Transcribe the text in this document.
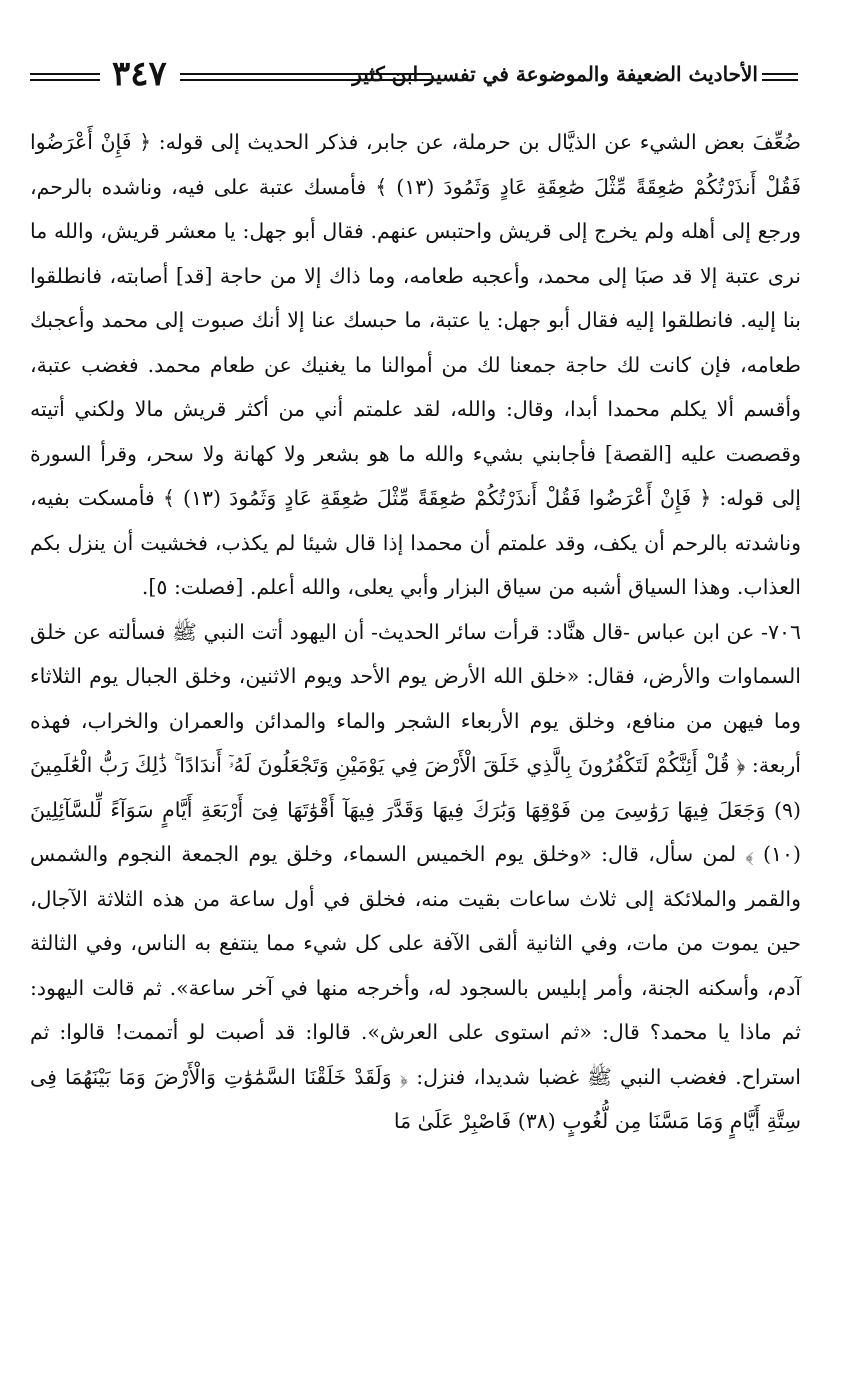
الأحاديث الضعيفة والموضوعة في تفسير ابن كثير
٣٤٧

ضُعِّفَ بعض الشيء عن الذيَّال بن حرملة، عن جابر، فذكر الحديث إلى قوله: ﴿ فَإِنْ أَعْرَضُوا فَقُلْ أَنذَرْتُكُمْ صَٰعِقَةً مِّثْلَ صَٰعِقَةِ عَادٍ وَثَمُودَ (١٣) ﴾ فأمسك عتبة على فيه، وناشده بالرحم، ورجع إلى أهله ولم يخرج إلى قريش واحتبس عنهم. فقال أبو جهل: يا معشر قريش، والله ما نرى عتبة إلا قد صبَا إلى محمد، وأعجبه طعامه، وما ذاك إلا من حاجة [قد] أصابته، فانطلقوا بنا إليه. فانطلقوا إليه فقال أبو جهل: يا عتبة، ما حبسك عنا إلا أنك صبوت إلى محمد وأعجبك طعامه، فإن كانت لك حاجة جمعنا لك من أموالنا ما يغنيك عن طعام محمد. فغضب عتبة، وأقسم ألا يكلم محمدا أبدا، وقال: والله، لقد علمتم أني من أكثر قريش مالا ولكني أتيته وقصصت عليه [القصة] فأجابني بشيء والله ما هو بشعر ولا كهانة ولا سحر، وقرأ السورة إلى قوله: ﴿ فَإِنْ أَعْرَضُوا فَقُلْ أَنذَرْتُكُمْ صَٰعِقَةً مِّثْلَ صَٰعِقَةِ عَادٍ وَثَمُودَ (١٣) ﴾ فأمسكت بفيه، وناشدته بالرحم أن يكف، وقد علمتم أن محمدا إذا قال شيئا لم يكذب، فخشيت أن ينزل بكم العذاب. وهذا السياق أشبه من سياق البزار وأبي يعلى، والله أعلم. [فصلت: ٥].

٧٠٦- عن ابن عباس -قال هنَّاد: قرأت سائر الحديث- أن اليهود أتت النبي ﷺ فسألته عن خلق السماوات والأرض، فقال: «خلق الله الأرض يوم الأحد ويوم الاثنين، وخلق الجبال يوم الثلاثاء وما فيهن من منافع، وخلق يوم الأربعاء الشجر والماء والمدائن والعمران والخراب، فهذه أربعة: ﴿ قُلْ أَئِنَّكُمْ لَتَكْفُرُونَ بِالَّذِي خَلَقَ الْأَرْضَ فِي يَوْمَيْنِ وَتَجْعَلُونَ لَهُۥٓ أَندَادًا ۚ ذَٰلِكَ رَبُّ الْعَٰلَمِينَ (٩) وَجَعَلَ فِيهَا رَوَٰسِىَ مِن فَوْقِهَا وَبَٰرَكَ فِيهَا وَقَدَّرَ فِيهَآ أَقْوَٰتَهَا فِىٓ أَرْبَعَةِ أَيَّامٍ سَوَآءً لِّلسَّآئِلِينَ (١٠) ﴾ لمن سأل، قال: «وخلق يوم الخميس السماء، وخلق يوم الجمعة النجوم والشمس والقمر والملائكة إلى ثلاث ساعات بقيت منه، فخلق في أول ساعة من هذه الثلاثة الآجال، حين يموت من مات، وفي الثانية ألقى الآفة على كل شيء مما ينتفع به الناس، وفي الثالثة آدم، وأسكنه الجنة، وأمر إبليس بالسجود له، وأخرجه منها في آخر ساعة». ثم قالت اليهود: ثم ماذا يا محمد؟ قال: «ثم استوى على العرش». قالوا: قد أصبت لو أتممت! قالوا: ثم استراح. فغضب النبي ﷺ غضبا شديدا، فنزل: ﴿ وَلَقَدْ خَلَقْنَا السَّمَٰوَٰتِ وَالْأَرْضَ وَمَا بَيْنَهُمَا فِى سِتَّةِ أَيَّامٍ وَمَا مَسَّنَا مِن لُّغُوبٍ (٣٨) فَاصْبِرْ عَلَىٰ مَا
